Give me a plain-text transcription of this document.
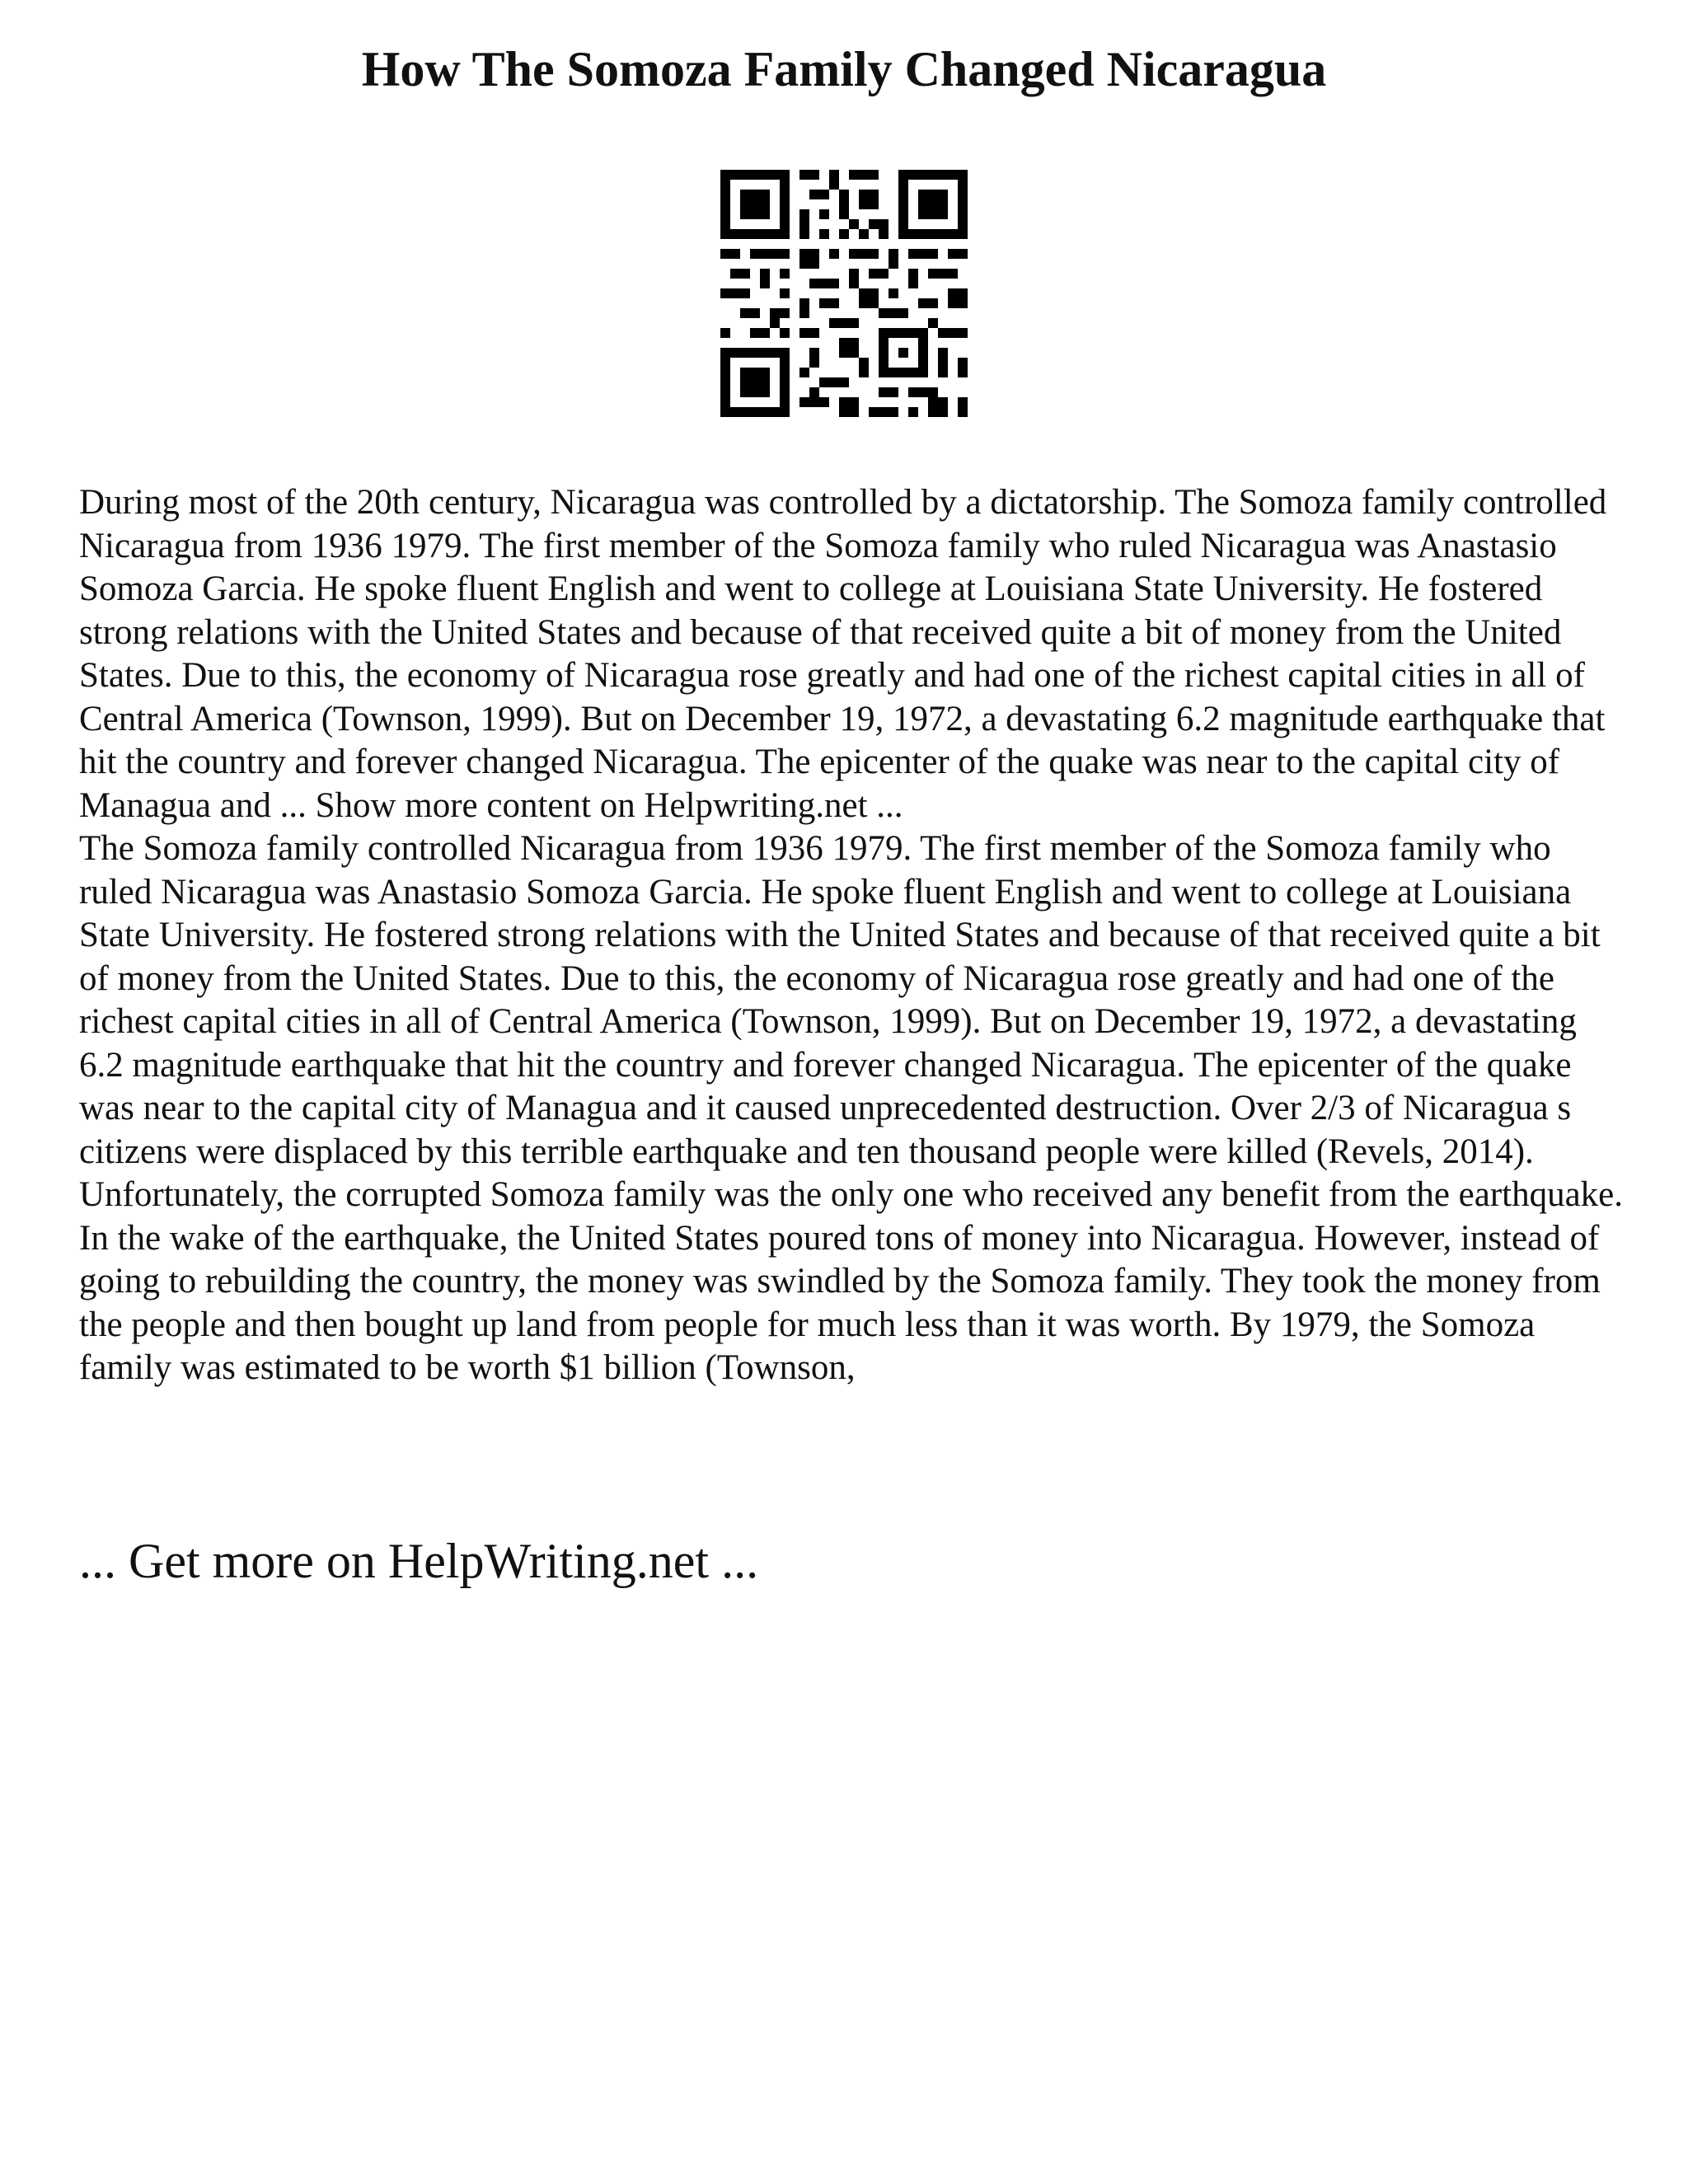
How The Somoza Family Changed Nicaragua

During most of the 20th century, Nicaragua was controlled by a dictatorship. The Somoza family controlled Nicaragua from 1936 1979. The first member of the Somoza family who ruled Nicaragua was Anastasio Somoza Garcia. He spoke fluent English and went to college at Louisiana State University. He fostered strong relations with the United States and because of that received quite a bit of money from the United States. Due to this, the economy of Nicaragua rose greatly and had one of the richest capital cities in all of Central America (Townson, 1999). But on December 19, 1972, a devastating 6.2 magnitude earthquake that hit the country and forever changed Nicaragua. The epicenter of the quake was near to the capital city of Managua and ... Show more content on Helpwriting.net ...

The Somoza family controlled Nicaragua from 1936 1979. The first member of the Somoza family who ruled Nicaragua was Anastasio Somoza Garcia. He spoke fluent English and went to college at Louisiana State University. He fostered strong relations with the United States and because of that received quite a bit of money from the United States. Due to this, the economy of Nicaragua rose greatly and had one of the richest capital cities in all of Central America (Townson, 1999). But on December 19, 1972, a devastating 6.2 magnitude earthquake that hit the country and forever changed Nicaragua. The epicenter of the quake was near to the capital city of Managua and it caused unprecedented destruction. Over 2/3 of Nicaragua s citizens were displaced by this terrible earthquake and ten thousand people were killed (Revels, 2014).

Unfortunately, the corrupted Somoza family was the only one who received any benefit from the earthquake. In the wake of the earthquake, the United States poured tons of money into Nicaragua. However, instead of going to rebuilding the country, the money was swindled by the Somoza family. They took the money from the people and then bought up land from people for much less than it was worth. By 1979, the Somoza family was estimated to be worth $1 billion (Townson,

... Get more on HelpWriting.net ...
